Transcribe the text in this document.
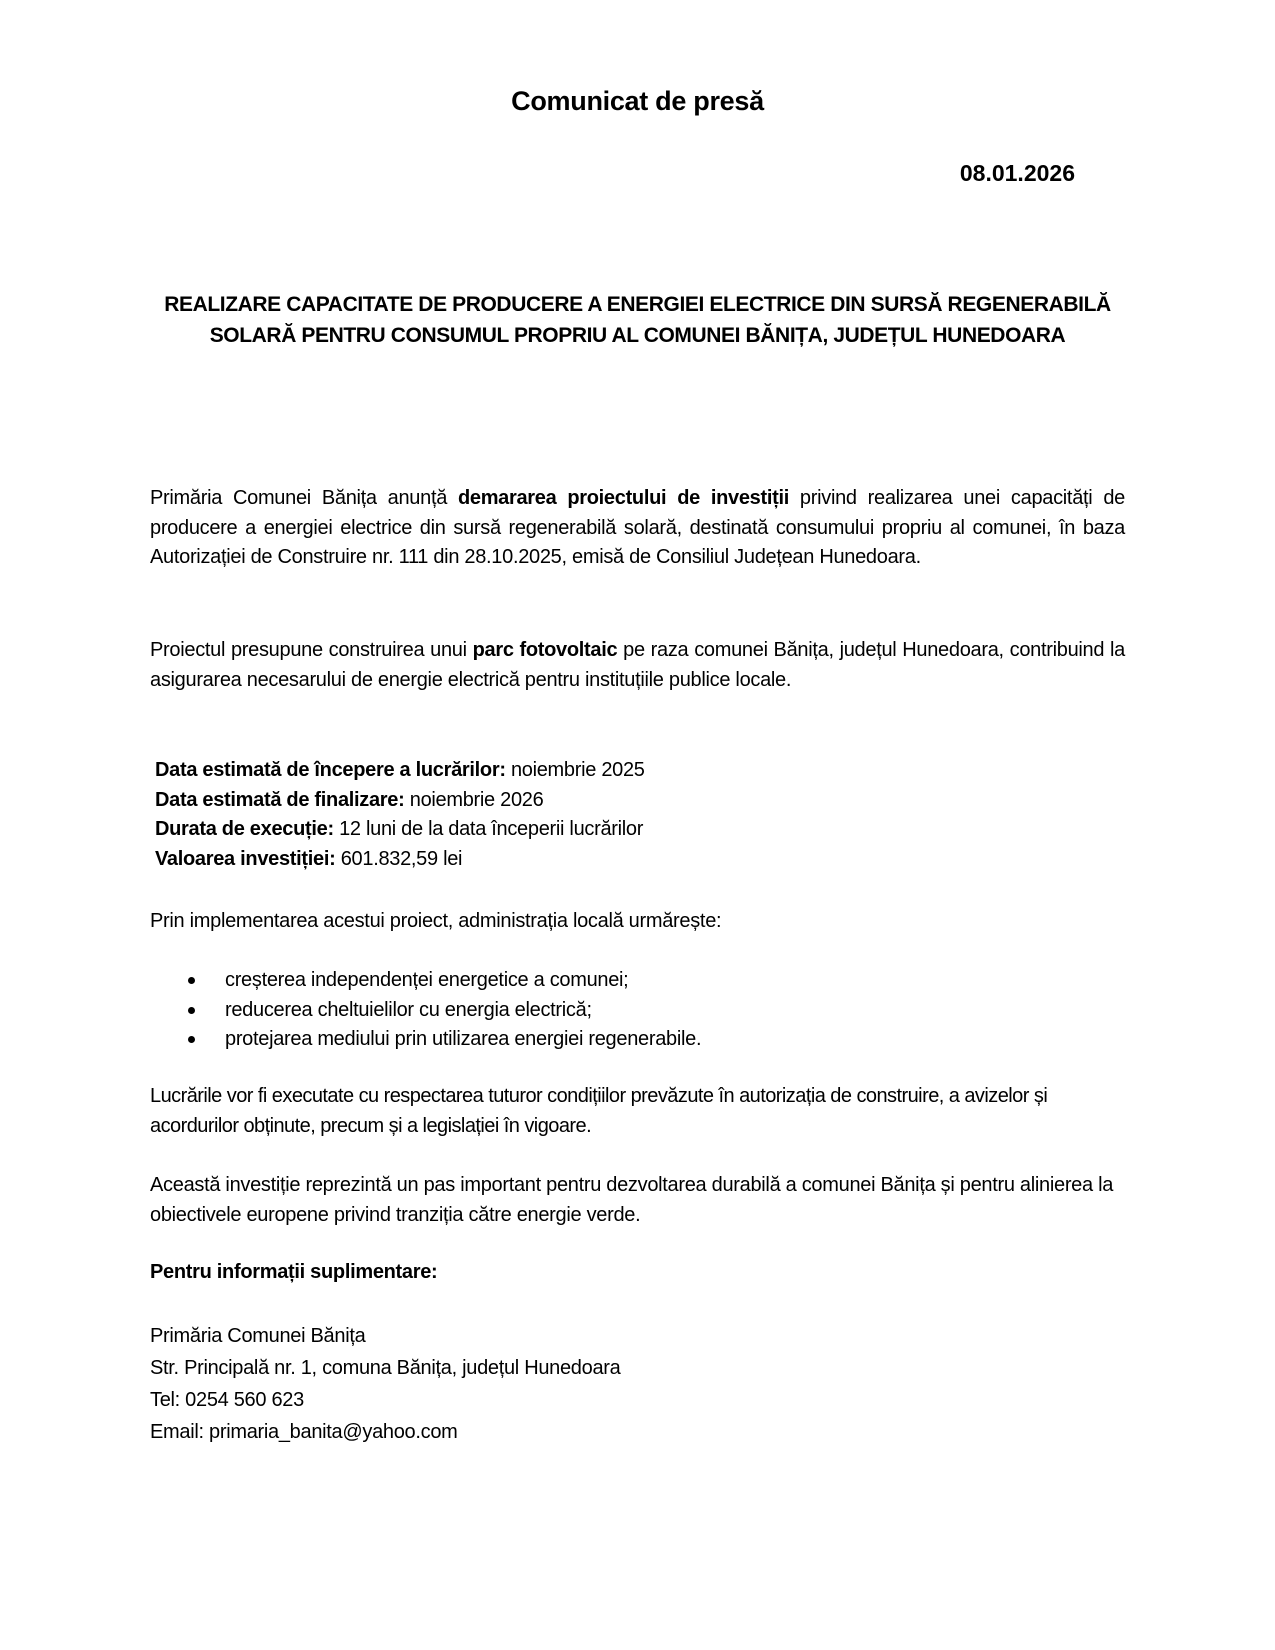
Comunicat de presă
08.01.2026
REALIZARE CAPACITATE DE PRODUCERE A ENERGIEI ELECTRICE DIN SURSĂ REGENERABILĂ SOLARĂ PENTRU CONSUMUL PROPRIU AL COMUNEI BĂNIȚA, JUDEȚUL HUNEDOARA
Primăria Comunei Bănița anunță demararea proiectului de investiții privind realizarea unei capacități de producere a energiei electrice din sursă regenerabilă solară, destinată consumului propriu al comunei, în baza Autorizației de Construire nr. 111 din 28.10.2025, emisă de Consiliul Județean Hunedoara.
Proiectul presupune construirea unui parc fotovoltaic pe raza comunei Bănița, județul Hunedoara, contribuind la asigurarea necesarului de energie electrică pentru instituțiile publice locale.
Data estimată de începere a lucrărilor: noiembrie 2025
Data estimată de finalizare: noiembrie 2026
Durata de execuție: 12 luni de la data începerii lucrărilor
Valoarea investiției: 601.832,59 lei
Prin implementarea acestui proiect, administrația locală urmărește:
creșterea independenței energetice a comunei;
reducerea cheltuielilor cu energia electrică;
protejarea mediului prin utilizarea energiei regenerabile.
Lucrările vor fi executate cu respectarea tuturor condițiilor prevăzute în autorizația de construire, a avizelor și acordurilor obținute, precum și a legislației în vigoare.
Această investiție reprezintă un pas important pentru dezvoltarea durabilă a comunei Bănița și pentru alinierea la obiectivele europene privind tranziția către energie verde.
Pentru informații suplimentare:
Primăria Comunei Bănița
Str. Principală nr. 1, comuna Bănița, județul Hunedoara
Tel: 0254 560 623
Email: primaria_banita@yahoo.com
